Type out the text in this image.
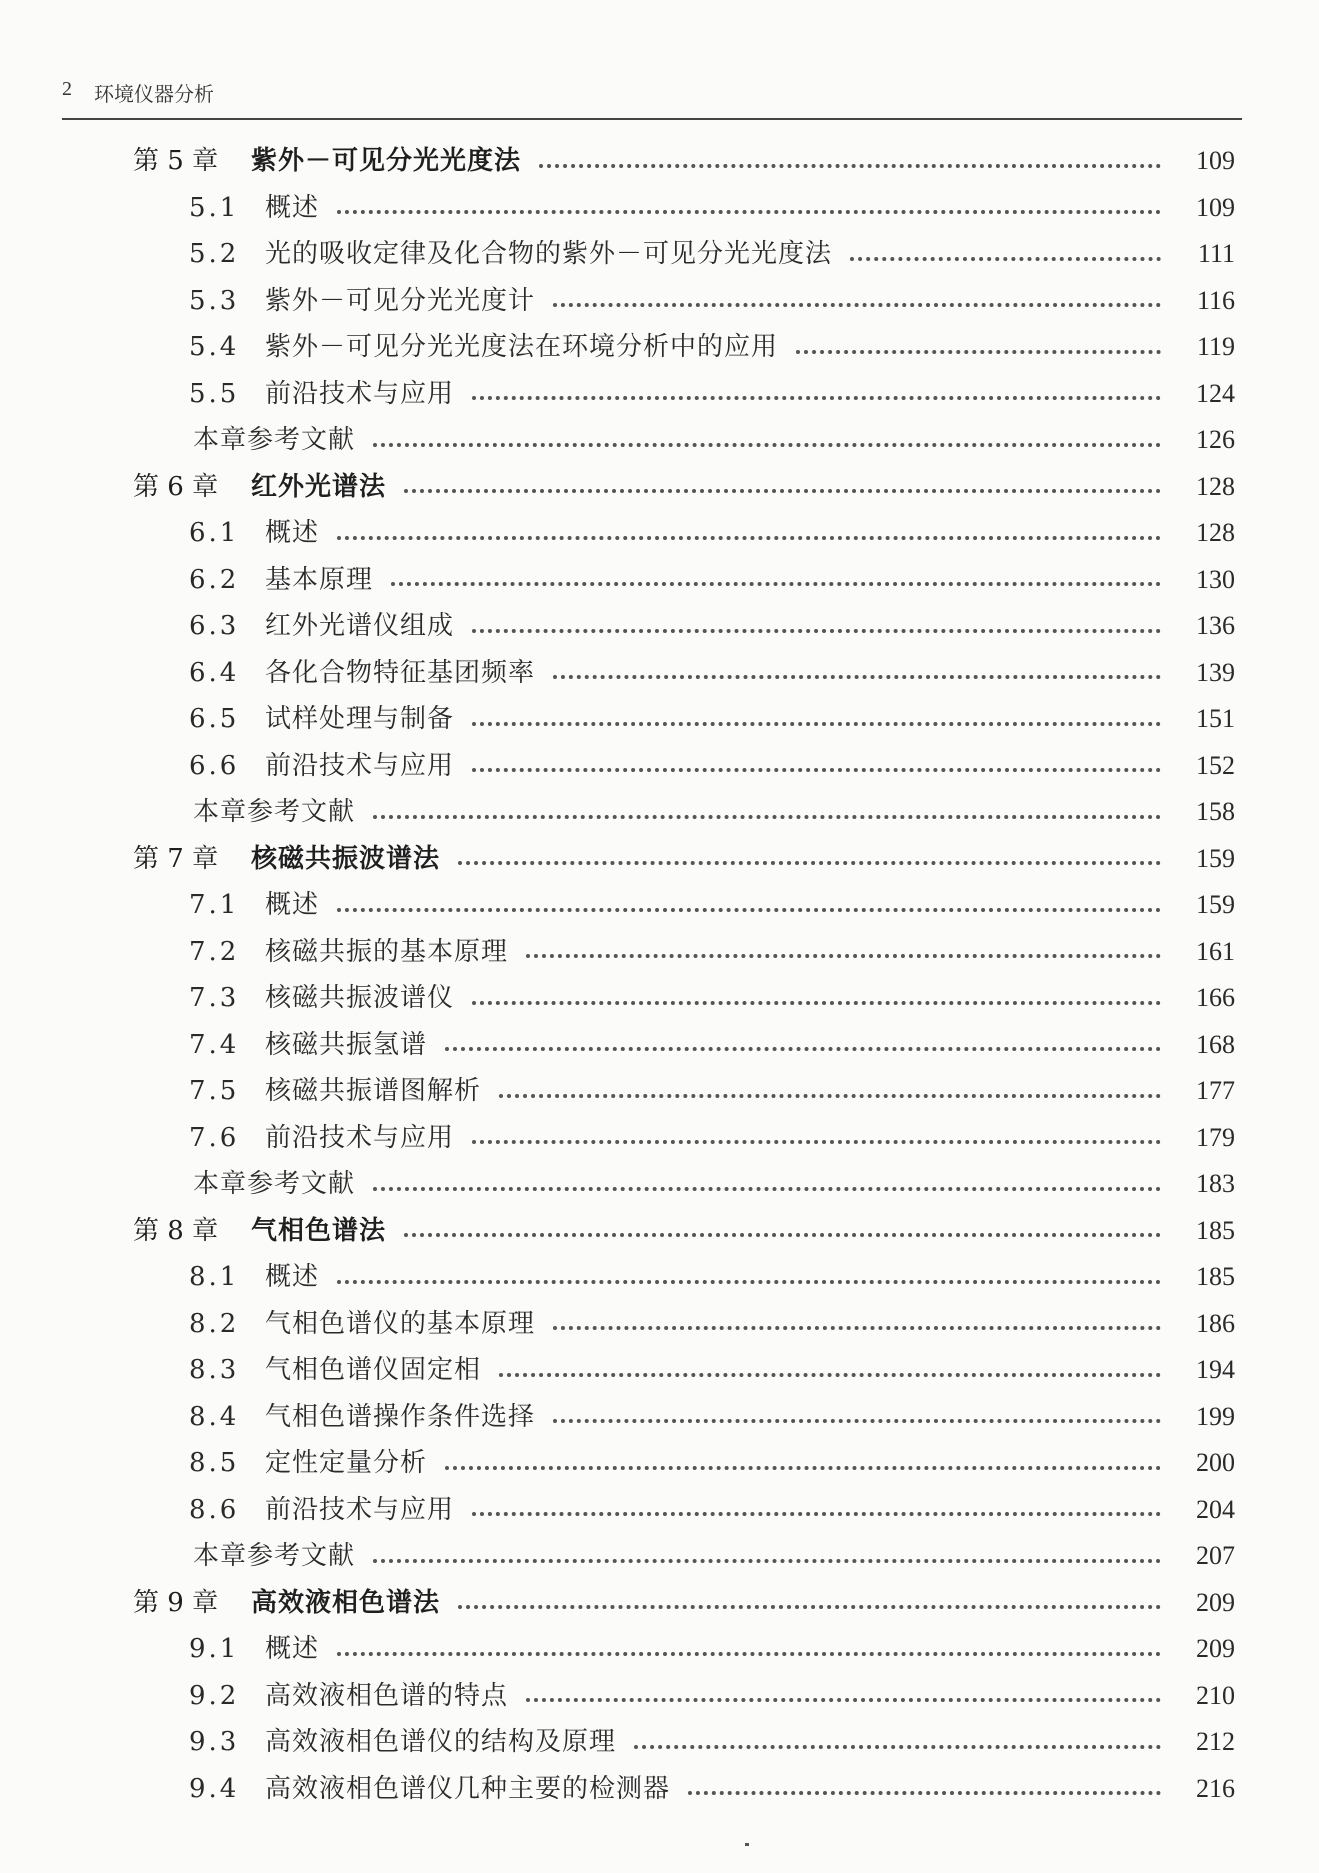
2 环境仪器分析
第 5 章	紫外－可见分光光度法	109
5.1 概述	109
5.2 光的吸收定律及化合物的紫外－可见分光光度法	111
5.3 紫外－可见分光光度计	116
5.4 紫外－可见分光光度法在环境分析中的应用	119
5.5 前沿技术与应用	124
本章参考文献	126
第 6 章	红外光谱法	128
6.1 概述	128
6.2 基本原理	130
6.3 红外光谱仪组成	136
6.4 各化合物特征基团频率	139
6.5 试样处理与制备	151
6.6 前沿技术与应用	152
本章参考文献	158
第 7 章	核磁共振波谱法	159
7.1 概述	159
7.2 核磁共振的基本原理	161
7.3 核磁共振波谱仪	166
7.4 核磁共振氢谱	168
7.5 核磁共振谱图解析	177
7.6 前沿技术与应用	179
本章参考文献	183
第 8 章	气相色谱法	185
8.1 概述	185
8.2 气相色谱仪的基本原理	186
8.3 气相色谱仪固定相	194
8.4 气相色谱操作条件选择	199
8.5 定性定量分析	200
8.6 前沿技术与应用	204
本章参考文献	207
第 9 章	高效液相色谱法	209
9.1 概述	209
9.2 高效液相色谱的特点	210
9.3 高效液相色谱仪的结构及原理	212
9.4 高效液相色谱仪几种主要的检测器	216
